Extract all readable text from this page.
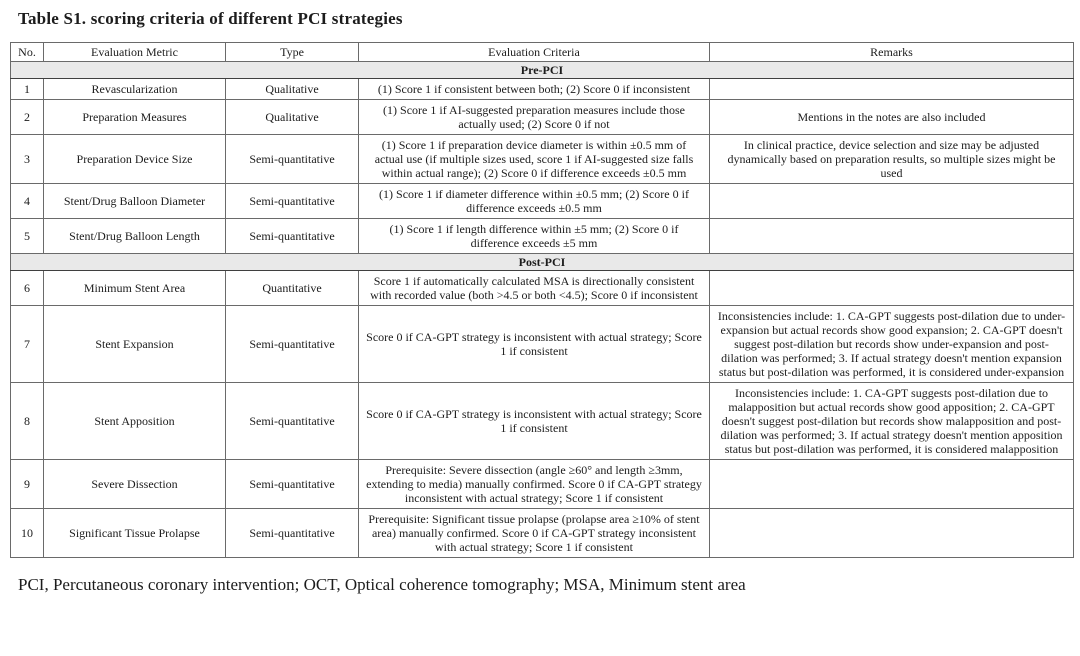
Table S1. scoring criteria of different PCI strategies
No.	Evaluation Metric	Type	Evaluation Criteria	Remarks
Pre-PCI				
1	Revascularization	Qualitative	(1) Score 1 if consistent between both; (2) Score 0 if inconsistent	
2	Preparation Measures	Qualitative	(1) Score 1 if AI-suggested preparation measures include those actually used; (2) Score 0 if not	Mentions in the notes are also included
3	Preparation Device Size	Semi-quantitative	(1) Score 1 if preparation device diameter is within ±0.5 mm of actual use (if multiple sizes used, score 1 if AI-suggested size falls within actual range); (2) Score 0 if difference exceeds ±0.5 mm	In clinical practice, device selection and size may be adjusted dynamically based on preparation results, so multiple sizes might be used
4	Stent/Drug Balloon Diameter	Semi-quantitative	(1) Score 1 if diameter difference within ±0.5 mm; (2) Score 0 if difference exceeds ±0.5 mm	
5	Stent/Drug Balloon Length	Semi-quantitative	(1) Score 1 if length difference within ±5 mm; (2) Score 0 if difference exceeds ±5 mm	
Post-PCI				
6	Minimum Stent Area	Quantitative	Score 1 if automatically calculated MSA is directionally consistent with recorded value (both >4.5 or both <4.5); Score 0 if inconsistent	
7	Stent Expansion	Semi-quantitative	Score 0 if CA-GPT strategy is inconsistent with actual strategy; Score 1 if consistent	Inconsistencies include: 1. CA-GPT suggests post-dilation due to under-expansion but actual records show good expansion; 2. CA-GPT doesn't suggest post-dilation but records show under-expansion and post-dilation was performed; 3. If actual strategy doesn't mention expansion status but post-dilation was performed, it is considered under-expansion
8	Stent Apposition	Semi-quantitative	Score 0 if CA-GPT strategy is inconsistent with actual strategy; Score 1 if consistent	Inconsistencies include: 1. CA-GPT suggests post-dilation due to malapposition but actual records show good apposition; 2. CA-GPT doesn't suggest post-dilation but records show malapposition and post-dilation was performed; 3. If actual strategy doesn't mention apposition status but post-dilation was performed, it is considered malapposition
9	Severe Dissection	Semi-quantitative	Prerequisite: Severe dissection (angle ≥60° and length ≥3mm, extending to media) manually confirmed. Score 0 if CA-GPT strategy inconsistent with actual strategy; Score 1 if consistent	
10	Significant Tissue Prolapse	Semi-quantitative	Prerequisite: Significant tissue prolapse (prolapse area ≥10% of stent area) manually confirmed. Score 0 if CA-GPT strategy inconsistent with actual strategy; Score 1 if consistent	
PCI, Percutaneous coronary intervention; OCT, Optical coherence tomography; MSA, Minimum stent area
